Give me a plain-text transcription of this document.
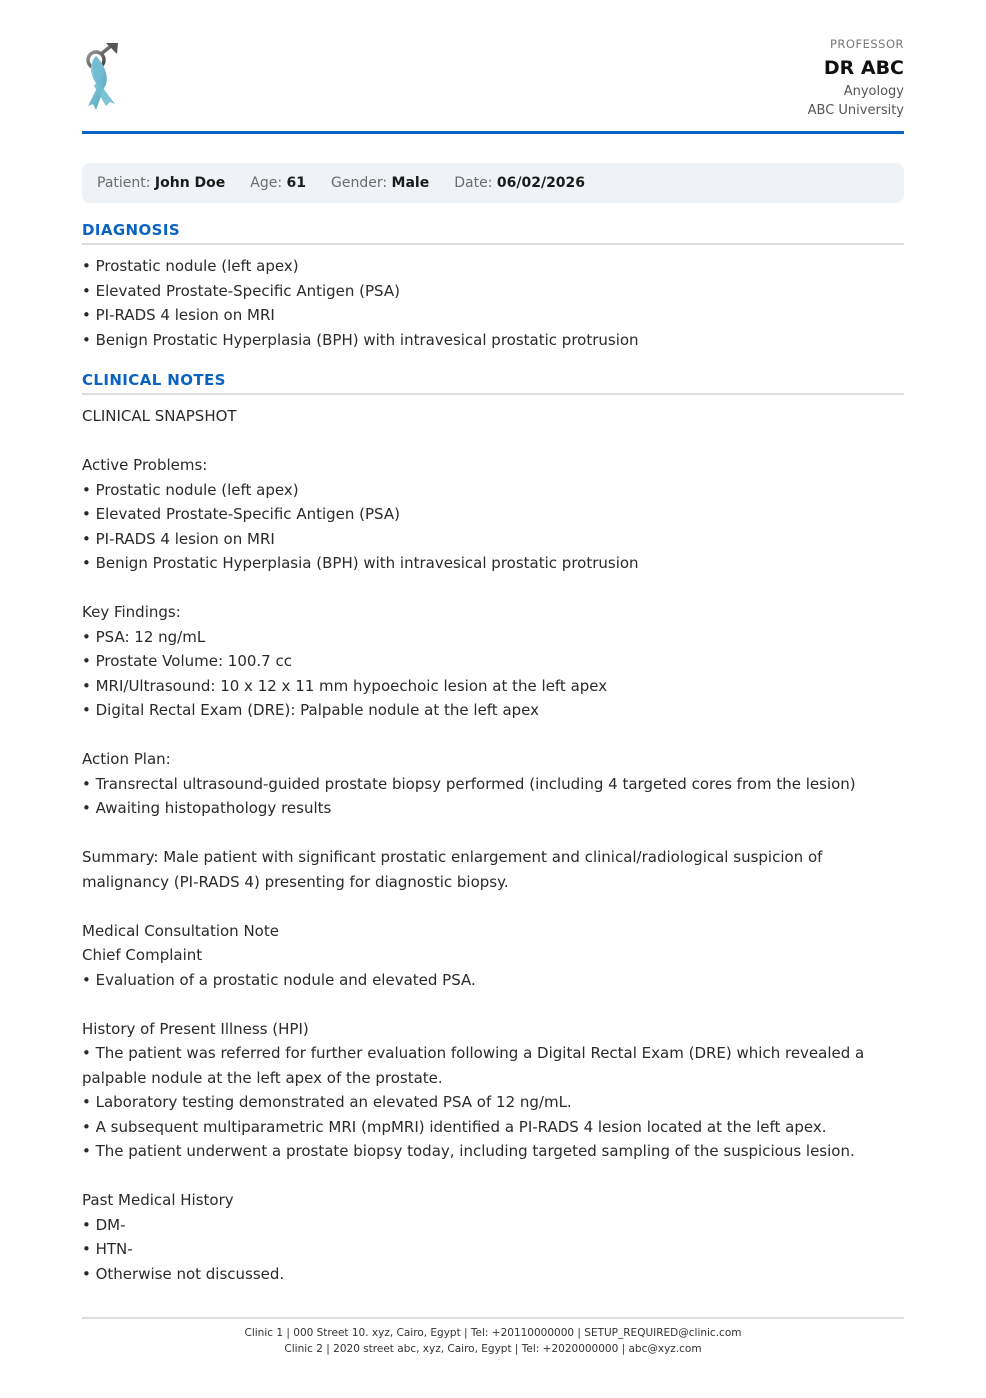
PROFESSOR
DR ABC
Anyology
ABC University
Patient: John Doe Age: 61 Gender: Male Date: 06/02/2026
DIAGNOSIS
• Prostatic nodule (left apex)
• Elevated Prostate-Specific Antigen (PSA)
• PI-RADS 4 lesion on MRI
• Benign Prostatic Hyperplasia (BPH) with intravesical prostatic protrusion
CLINICAL NOTES
CLINICAL SNAPSHOT
Active Problems:
• Prostatic nodule (left apex)
• Elevated Prostate-Specific Antigen (PSA)
• PI-RADS 4 lesion on MRI
• Benign Prostatic Hyperplasia (BPH) with intravesical prostatic protrusion
Key Findings:
• PSA: 12 ng/mL
• Prostate Volume: 100.7 cc
• MRI/Ultrasound: 10 x 12 x 11 mm hypoechoic lesion at the left apex
• Digital Rectal Exam (DRE): Palpable nodule at the left apex
Action Plan:
• Transrectal ultrasound-guided prostate biopsy performed (including 4 targeted cores from the lesion)
• Awaiting histopathology results
Summary: Male patient with significant prostatic enlargement and clinical/radiological suspicion of malignancy (PI-RADS 4) presenting for diagnostic biopsy.
Medical Consultation Note
Chief Complaint
• Evaluation of a prostatic nodule and elevated PSA.
History of Present Illness (HPI)
• The patient was referred for further evaluation following a Digital Rectal Exam (DRE) which revealed a palpable nodule at the left apex of the prostate.
• Laboratory testing demonstrated an elevated PSA of 12 ng/mL.
• A subsequent multiparametric MRI (mpMRI) identified a PI-RADS 4 lesion located at the left apex.
• The patient underwent a prostate biopsy today, including targeted sampling of the suspicious lesion.
Past Medical History
• DM-
• HTN-
• Otherwise not discussed.
Clinic 1 | 000 Street 10. xyz, Cairo, Egypt | Tel: +20110000000 | SETUP_REQUIRED@clinic.com
Clinic 2 | 2020 street abc, xyz, Cairo, Egypt | Tel: +2020000000 | abc@xyz.com
